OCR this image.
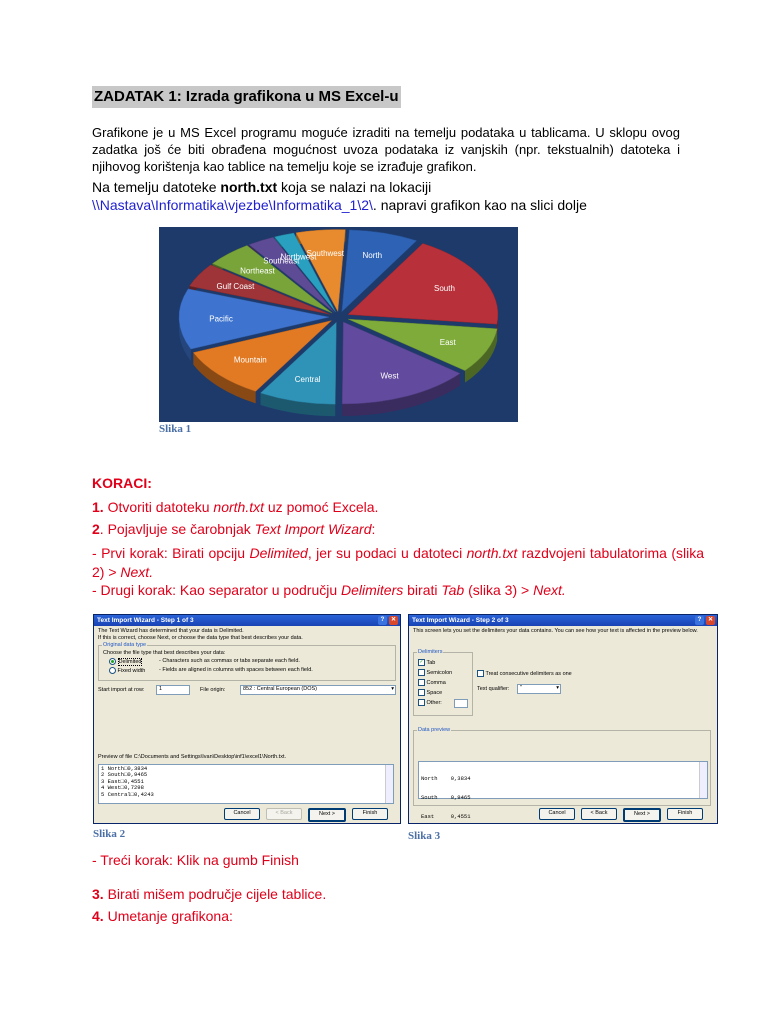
ZADATAK 1: Izrada grafikona u MS Excel-u
Grafikone je u MS Excel programu moguće izraditi na temelju podataka u tablicama. U sklopu ovog zadatka još će biti obrađena mogućnost uvoza podataka iz vanjskih (npr. tekstualnih) datoteka i njihovog korištenja kao tablice na temelju koje se izrađuje grafikon.
Na temelju datoteke north.txt koja se nalazi na lokaciji
\\Nastava\Informatika\vjezbe\Informatika_1\2\. napravi grafikon kao na slici dolje
North
South
East
West
Central
Mountain
Pacific
Gulf Coast
Northeast
Southeast
Northwest
Southwest
Slika 1
KORACI:
1. Otvoriti datoteku north.txt uz pomoć Excela.
2. Pojavljuje se čarobnjak Text Import Wizard:
- Prvi korak: Birati opciju Delimited, jer su podaci u datoteci north.txt razdvojeni tabulatorima (slika 2) > Next.
- Drugi korak: Kao separator u području Delimiters birati Tab (slika 3) > Next.
Text Import Wizard - Step 1 of 3	?	✕
The Text Wizard has determined that your data is Delimited.
If this is correct, choose Next, or choose the data type that best describes your data.
Original data type
Choose the file type that best describes your data:
Delimited	- Characters such as commas or tabs separate each field.
Fixed width - Fields are aligned in columns with spaces between each field.
Start import at row:	1	File origin:	852 : Central European (DOS)	▾
Preview of file C:\Documents and Settings\Ivan\Desktop\inf1\excel1\North.txt.
1 North□0,3834
2 South□0,9465
3 East□0,4551
4 West□0,7298
5 Central□0,4243
Cancel	< Back	Next >	Finish
Slika 2
Text Import Wizard - Step 2 of 3	?	✕
This screen lets you set the delimiters your data contains. You can see how your text is affected in the preview below.
Delimiters
✓ Tab
Semicolon
Comma
Space
Other:
Treat consecutive delimiters as one
Text qualifier:	"	▾
Data preview

North    0,3834

South    0,9465

East     0,4551

Cancel	< Back	Next >	Finish
Slika 3
- Treći korak: Klik na gumb Finish
3. Birati mišem područje cijele tablice.
4. Umetanje grafikona:
